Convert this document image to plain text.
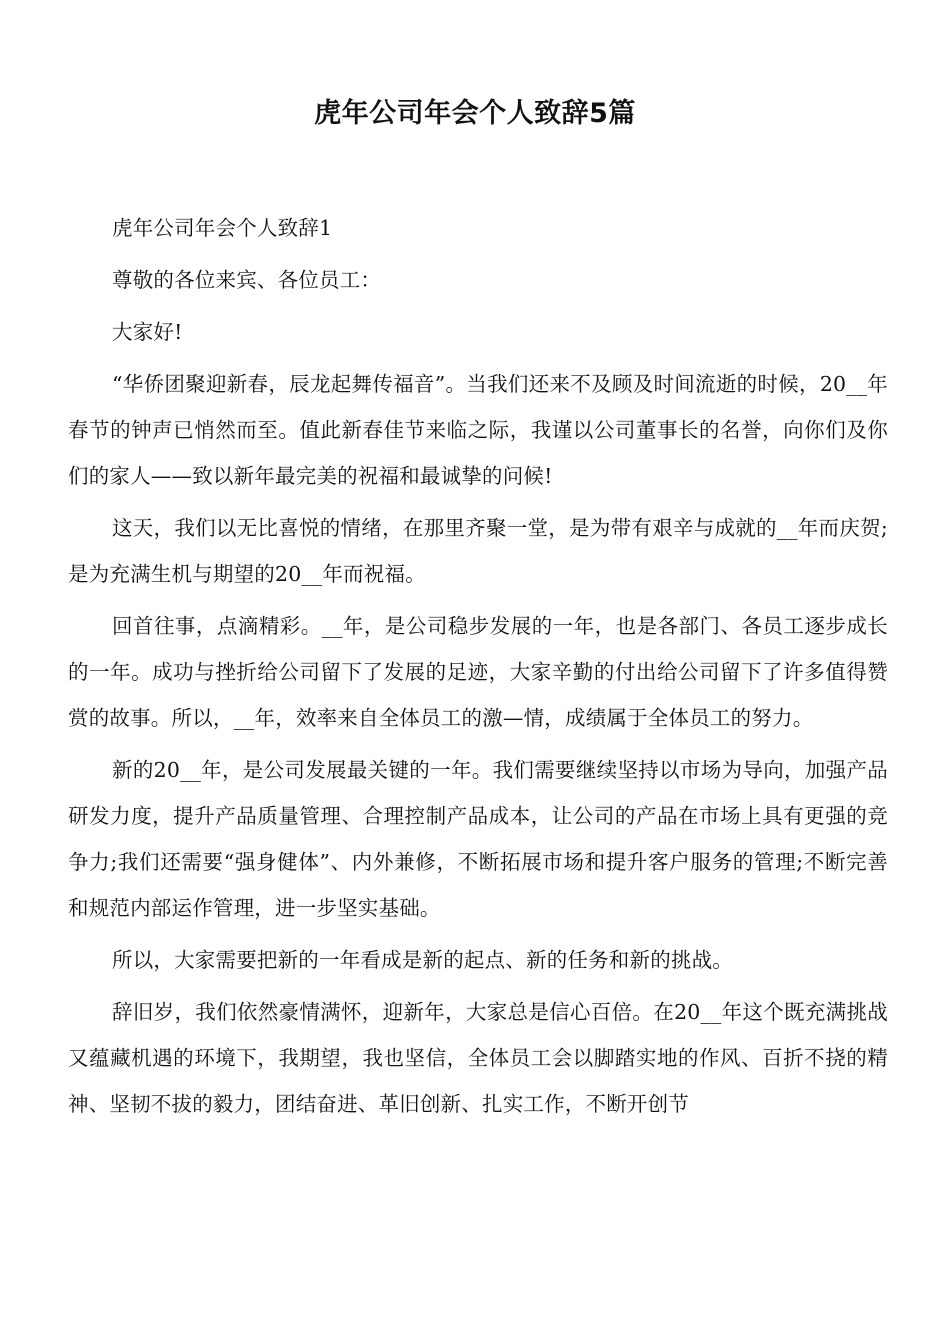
虎年公司年会个人致辞5篇

虎年公司年会个人致辞1

尊敬的各位来宾、各位员工：

大家好!

“华侨团聚迎新春，辰龙起舞传福音”。当我们还来不及顾及时间流逝的时候，20__年春节的钟声已悄然而至。值此新春佳节来临之际，我谨以公司董事长的名誉，向你们及你们的家人——致以新年最完美的祝福和最诚挚的问候!

这天，我们以无比喜悦的情绪，在那里齐聚一堂，是为带有艰辛与成就的__年而庆贺;是为充满生机与期望的20__年而祝福。

回首往事，点滴精彩。__年，是公司稳步发展的一年，也是各部门、各员工逐步成长的一年。成功与挫折给公司留下了发展的足迹，大家辛勤的付出给公司留下了许多值得赞赏的故事。所以，__年，效率来自全体员工的激—情，成绩属于全体员工的努力。

新的20__年，是公司发展最关键的一年。我们需要继续坚持以市场为导向，加强产品研发力度，提升产品质量管理、合理控制产品成本，让公司的产品在市场上具有更强的竞争力;我们还需要“强身健体”、内外兼修，不断拓展市场和提升客户服务的管理;不断完善和规范内部运作管理，进一步坚实基础。

所以，大家需要把新的一年看成是新的起点、新的任务和新的挑战。

辞旧岁，我们依然豪情满怀，迎新年，大家总是信心百倍。在20__年这个既充满挑战又蕴藏机遇的环境下，我期望，我也坚信，全体员工会以脚踏实地的作风、百折不挠的精神、坚韧不拔的毅力，团结奋进、革旧创新、扎实工作，不断开创节
